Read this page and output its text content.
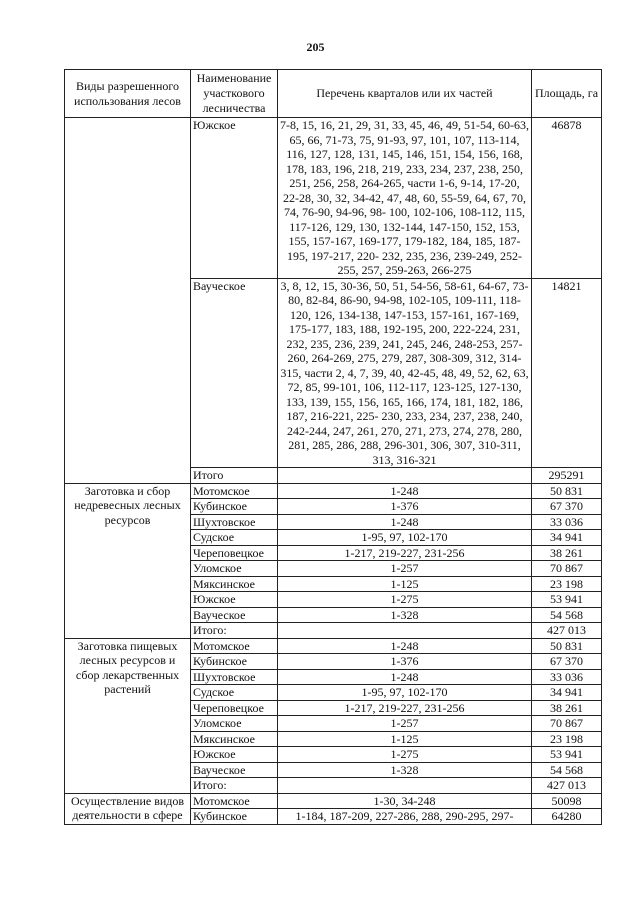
205
Виды разрешенного использования лесов	Наименование участкового лесничества	Перечень кварталов или их частей	Площадь, га
	Южское	7-8, 15, 16, 21, 29, 31, 33, 45, 46, 49, 51-54, 60-63, 65, 66, 71-73, 75, 91-93, 97, 101, 107, 113-114, 116, 127, 128, 131, 145, 146, 151, 154, 156, 168, 178, 183, 196, 218, 219, 233, 234, 237, 238, 250, 251, 256, 258, 264-265, части 1-6, 9-14, 17-20, 22-28, 30, 32, 34-42, 47, 48, 60, 55-59, 64, 67, 70, 74, 76-90, 94-96, 98- 100, 102-106, 108-112, 115, 117-126, 129, 130, 132-144, 147-150, 152, 153, 155, 157-167, 169-177, 179-182, 184, 185, 187-195, 197-217, 220- 232, 235, 236, 239-249, 252-255, 257, 259-263, 266-275	46878
	Вауческое	3, 8, 12, 15, 30-36, 50, 51, 54-56, 58-61, 64-67, 73-80, 82-84, 86-90, 94-98, 102-105, 109-111, 118- 120, 126, 134-138, 147-153, 157-161, 167-169, 175-177, 183, 188, 192-195, 200, 222-224, 231, 232, 235, 236, 239, 241, 245, 246, 248-253, 257-260, 264-269, 275, 279, 287, 308-309, 312, 314- 315, части 2, 4, 7, 39, 40, 42-45, 48, 49, 52, 62, 63, 72, 85, 99-101, 106, 112-117, 123-125, 127-130, 133, 139, 155, 156, 165, 166, 174, 181, 182, 186, 187, 216-221, 225- 230, 233, 234, 237, 238, 240, 242-244, 247, 261, 270, 271, 273, 274, 278, 280, 281, 285, 286, 288, 296-301, 306, 307, 310-311, 313, 316-321	14821
	Итого		295291
Заготовка и сбор недревесных лесных ресурсов	Мотомское	1-248	50 831
	Кубинское	1-376	67 370
	Шухтовское	1-248	33 036
	Судское	1-95, 97, 102-170	34 941
	Череповецкое	1-217, 219-227, 231-256	38 261
	Уломское	1-257	70 867
	Мяксинское	1-125	23 198
	Южское	1-275	53 941
	Вауческое	1-328	54 568
	Итого:		427 013
Заготовка пищевых лесных ресурсов и сбор лекарственных растений	Мотомское	1-248	50 831
	Кубинское	1-376	67 370
	Шухтовское	1-248	33 036
	Судское	1-95, 97, 102-170	34 941
	Череповецкое	1-217, 219-227, 231-256	38 261
	Уломское	1-257	70 867
	Мяксинское	1-125	23 198
	Южское	1-275	53 941
	Вауческое	1-328	54 568
	Итого:		427 013
Осуществление видов деятельности в сфере	Мотомское	1-30, 34-248	50098
	Кубинское	1-184, 187-209, 227-286, 288, 290-295, 297-	64280
